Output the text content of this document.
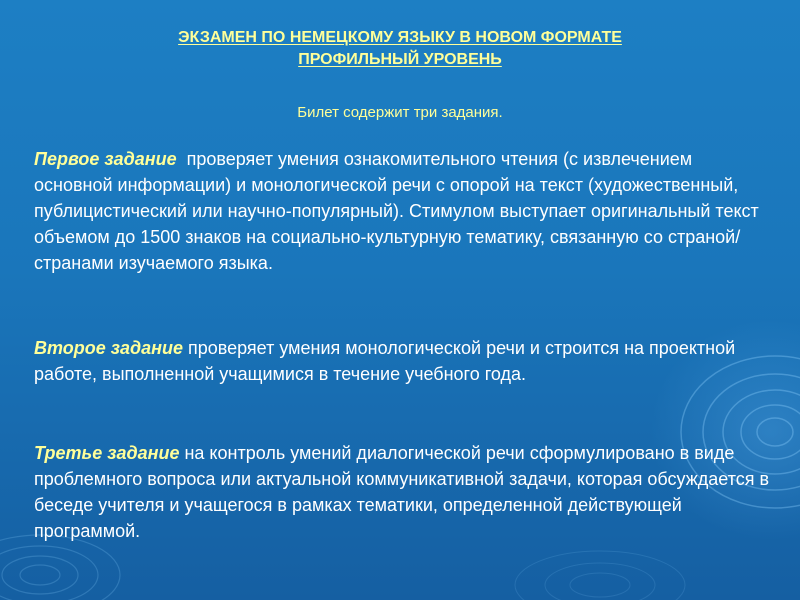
ЭКЗАМЕН ПО НЕМЕЦКОМУ ЯЗЫКУ В НОВОМ ФОРМАТЕ
ПРОФИЛЬНЫЙ УРОВЕНЬ
Билет содержит три задания.
Первое задание  проверяет умения ознакомительного чтения (с извлечением основной информации) и монологической речи с опорой на текст (художественный, публицистический или научно-популярный). Стимулом выступает оригинальный текст объемом до 1500 знаков на социально-культурную тематику, связанную со страной/странами изучаемого языка.
Второе задание проверяет умения монологической речи и строится на проектной работе, выполненной учащимися в течение учебного года.
Третье задание на контроль умений диалогической речи сформулировано в виде проблемного вопроса или актуальной коммуникативной задачи, которая обсуждается в беседе учителя и учащегося в рамках тематики, определенной действующей программой.
